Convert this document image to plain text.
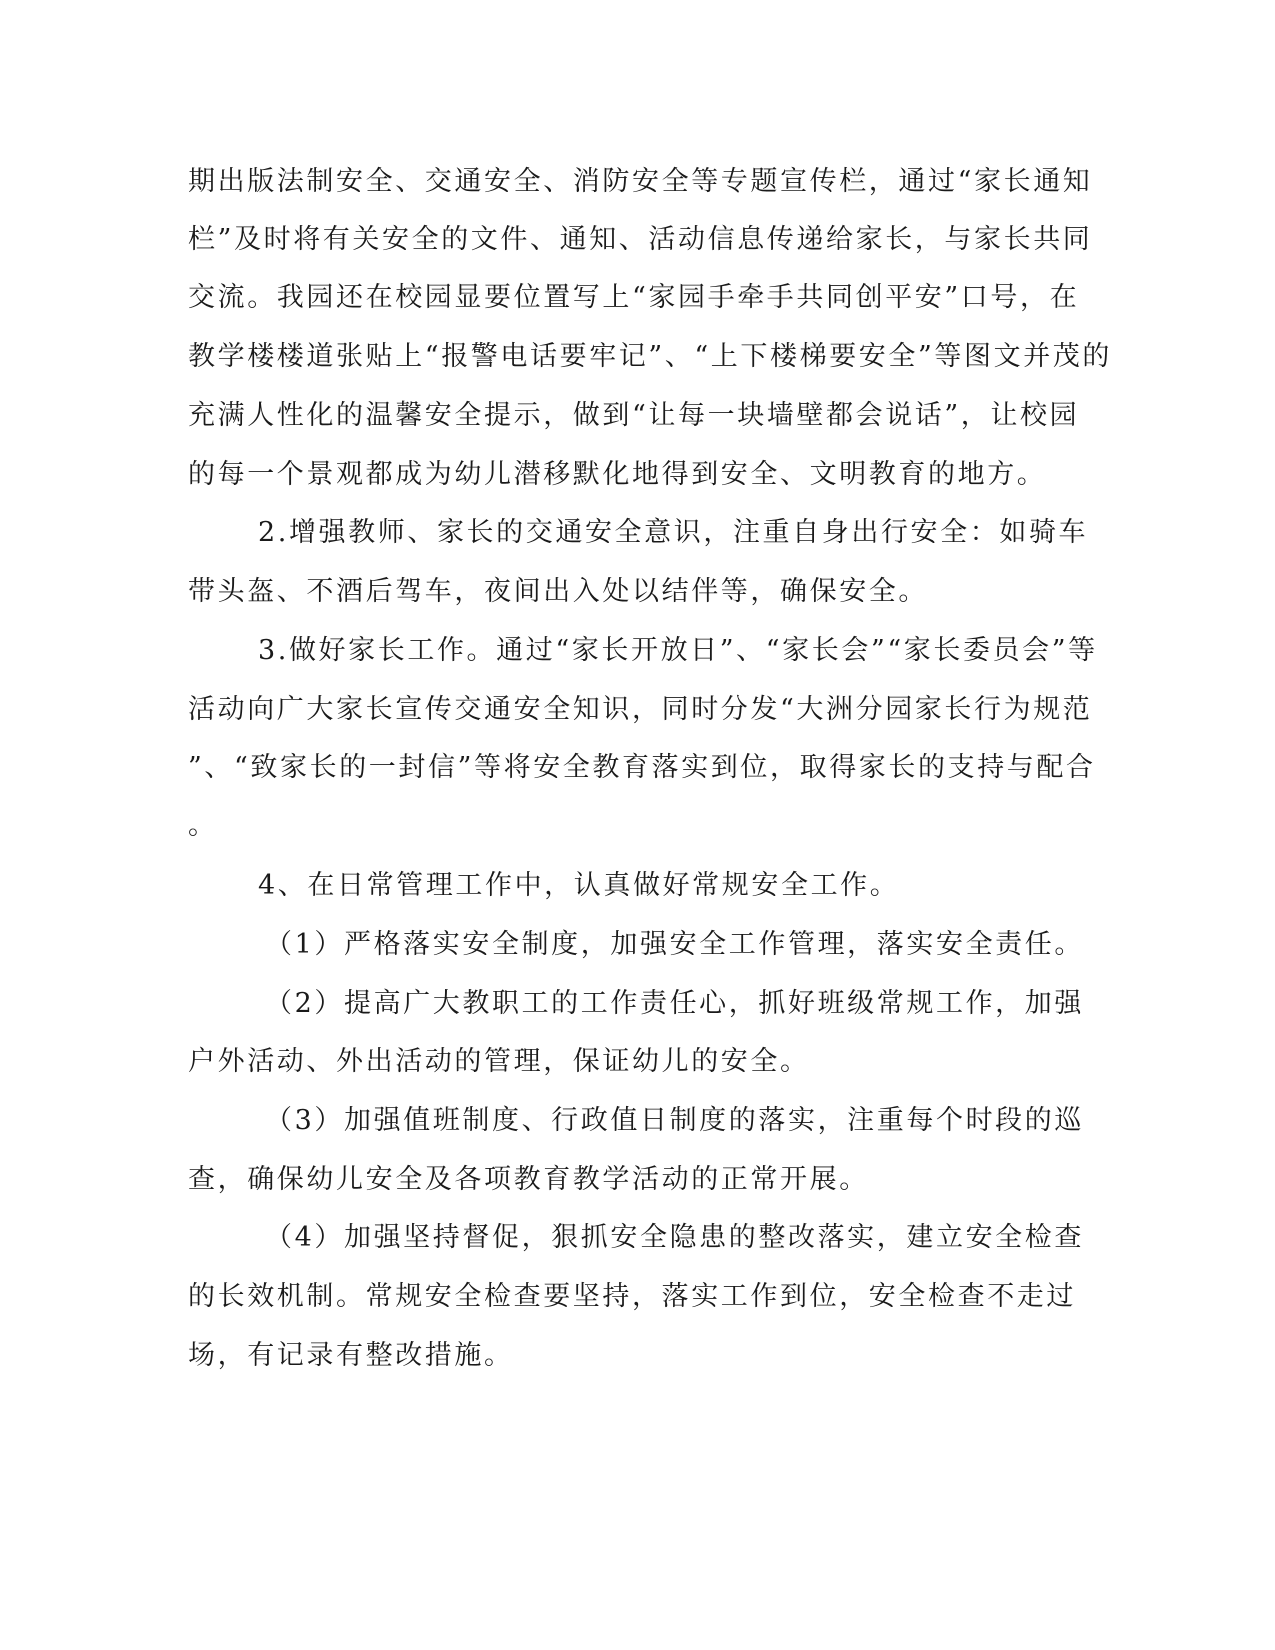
期出版法制安全、交通安全、消防安全等专题宣传栏，通过“家长通知
栏”及时将有关安全的文件、通知、活动信息传递给家长，与家长共同
交流。我园还在校园显要位置写上“家园手牵手共同创平安”口号，在
教学楼楼道张贴上“报警电话要牢记”、“上下楼梯要安全”等图文并茂的
充满人性化的温馨安全提示，做到“让每一块墙壁都会说话”，让校园
的每一个景观都成为幼儿潜移默化地得到安全、文明教育的地方。
2.增强教师、家长的交通安全意识，注重自身出行安全：如骑车
带头盔、不酒后驾车，夜间出入处以结伴等，确保安全。
3.做好家长工作。通过“家长开放日”、“家长会”“家长委员会”等
活动向广大家长宣传交通安全知识，同时分发“大洲分园家长行为规范
”、“致家长的一封信”等将安全教育落实到位，取得家长的支持与配合
。
4、在日常管理工作中，认真做好常规安全工作。
（1）严格落实安全制度，加强安全工作管理，落实安全责任。
（2）提高广大教职工的工作责任心，抓好班级常规工作，加强
户外活动、外出活动的管理，保证幼儿的安全。
（3）加强值班制度、行政值日制度的落实，注重每个时段的巡
查，确保幼儿安全及各项教育教学活动的正常开展。
（4）加强坚持督促，狠抓安全隐患的整改落实，建立安全检查
的长效机制。常规安全检查要坚持，落实工作到位，安全检查不走过
场，有记录有整改措施。
